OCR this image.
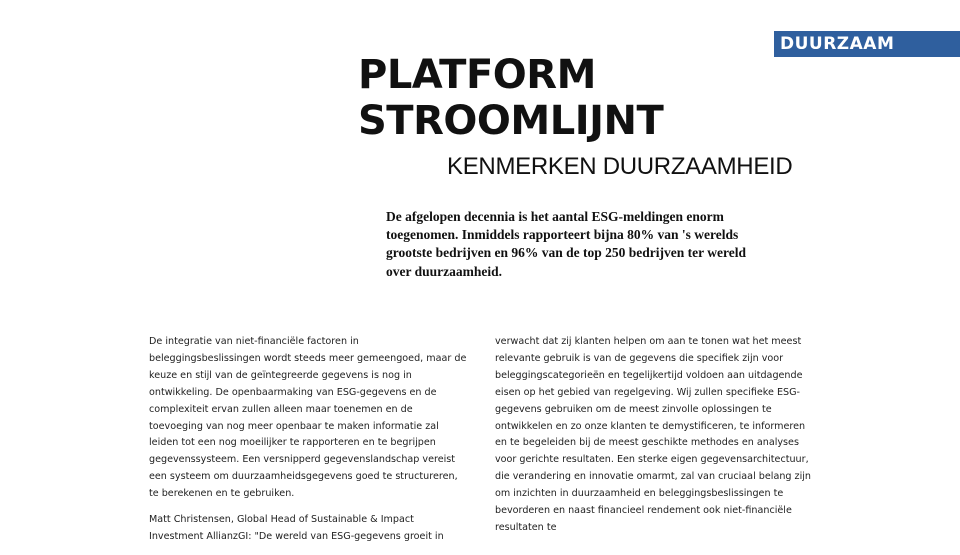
DUURZAAM
PLATFORM
STROOMLIJNT
KENMERKEN DUURZAAMHEID

De afgelopen decennia is het aantal ESG-meldingen enorm toegenomen. Inmiddels rapporteert bijna 80% van 's werelds grootste bedrijven en 96% van de top 250 bedrijven ter wereld over duurzaamheid.

De integratie van niet-financiële factoren in beleggingsbeslissingen wordt steeds meer gemeengoed, maar de keuze en stijl van de geïntegreerde gegevens is nog in ontwikkeling. De openbaarmaking van ESG-gegevens en de complexiteit ervan zullen alleen maar toenemen en de toevoeging van nog meer openbaar te maken informatie zal leiden tot een nog moeilijker te rapporteren en te begrijpen gegevenssysteem. Een versnipperd gegevenslandschap vereist een systeem om duurzaamheidsgegevens goed te structureren, te berekenen en te gebruiken.

Matt Christensen, Global Head of Sustainable & Impact Investment AllianzGI: "De wereld van ESG-gegevens groeit in

verwacht dat zij klanten helpen om aan te tonen wat het meest relevante gebruik is van de gegevens die specifiek zijn voor beleggingscategorieën en tegelijkertijd voldoen aan uitdagende eisen op het gebied van regelgeving. Wij zullen specifieke ESG-gegevens gebruiken om de meest zinvolle oplossingen te ontwikkelen en zo onze klanten te demystificeren, te informeren en te begeleiden bij de meest geschikte methodes en analyses voor gerichte resultaten. Een sterke eigen gegevensarchitectuur, die verandering en innovatie omarmt, zal van cruciaal belang zijn om inzichten in duurzaamheid en beleggingsbeslissingen te bevorderen en naast financieel rendement ook niet-financiële resultaten te
